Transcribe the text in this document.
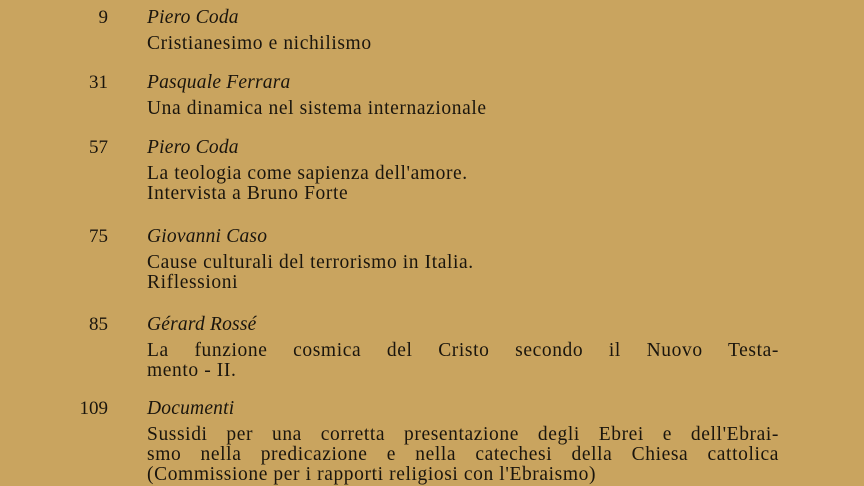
9 Piero Coda
Cristianesimo e nichilismo
31 Pasquale Ferrara
Una dinamica nel sistema internazionale
57 Piero Coda
La teologia come sapienza dell'amore.
Intervista a Bruno Forte
75 Giovanni Caso
Cause culturali del terrorismo in Italia.
Riflessioni
85 Gérard Rossé
La funzione cosmica del Cristo secondo il Nuovo Testa-
mento - II.
109 Documenti
Sussidi per una corretta presentazione degli Ebrei e dell'Ebrai-
smo nella predicazione e nella catechesi della Chiesa cattolica
(Commissione per i rapporti religiosi con l'Ebraismo)
